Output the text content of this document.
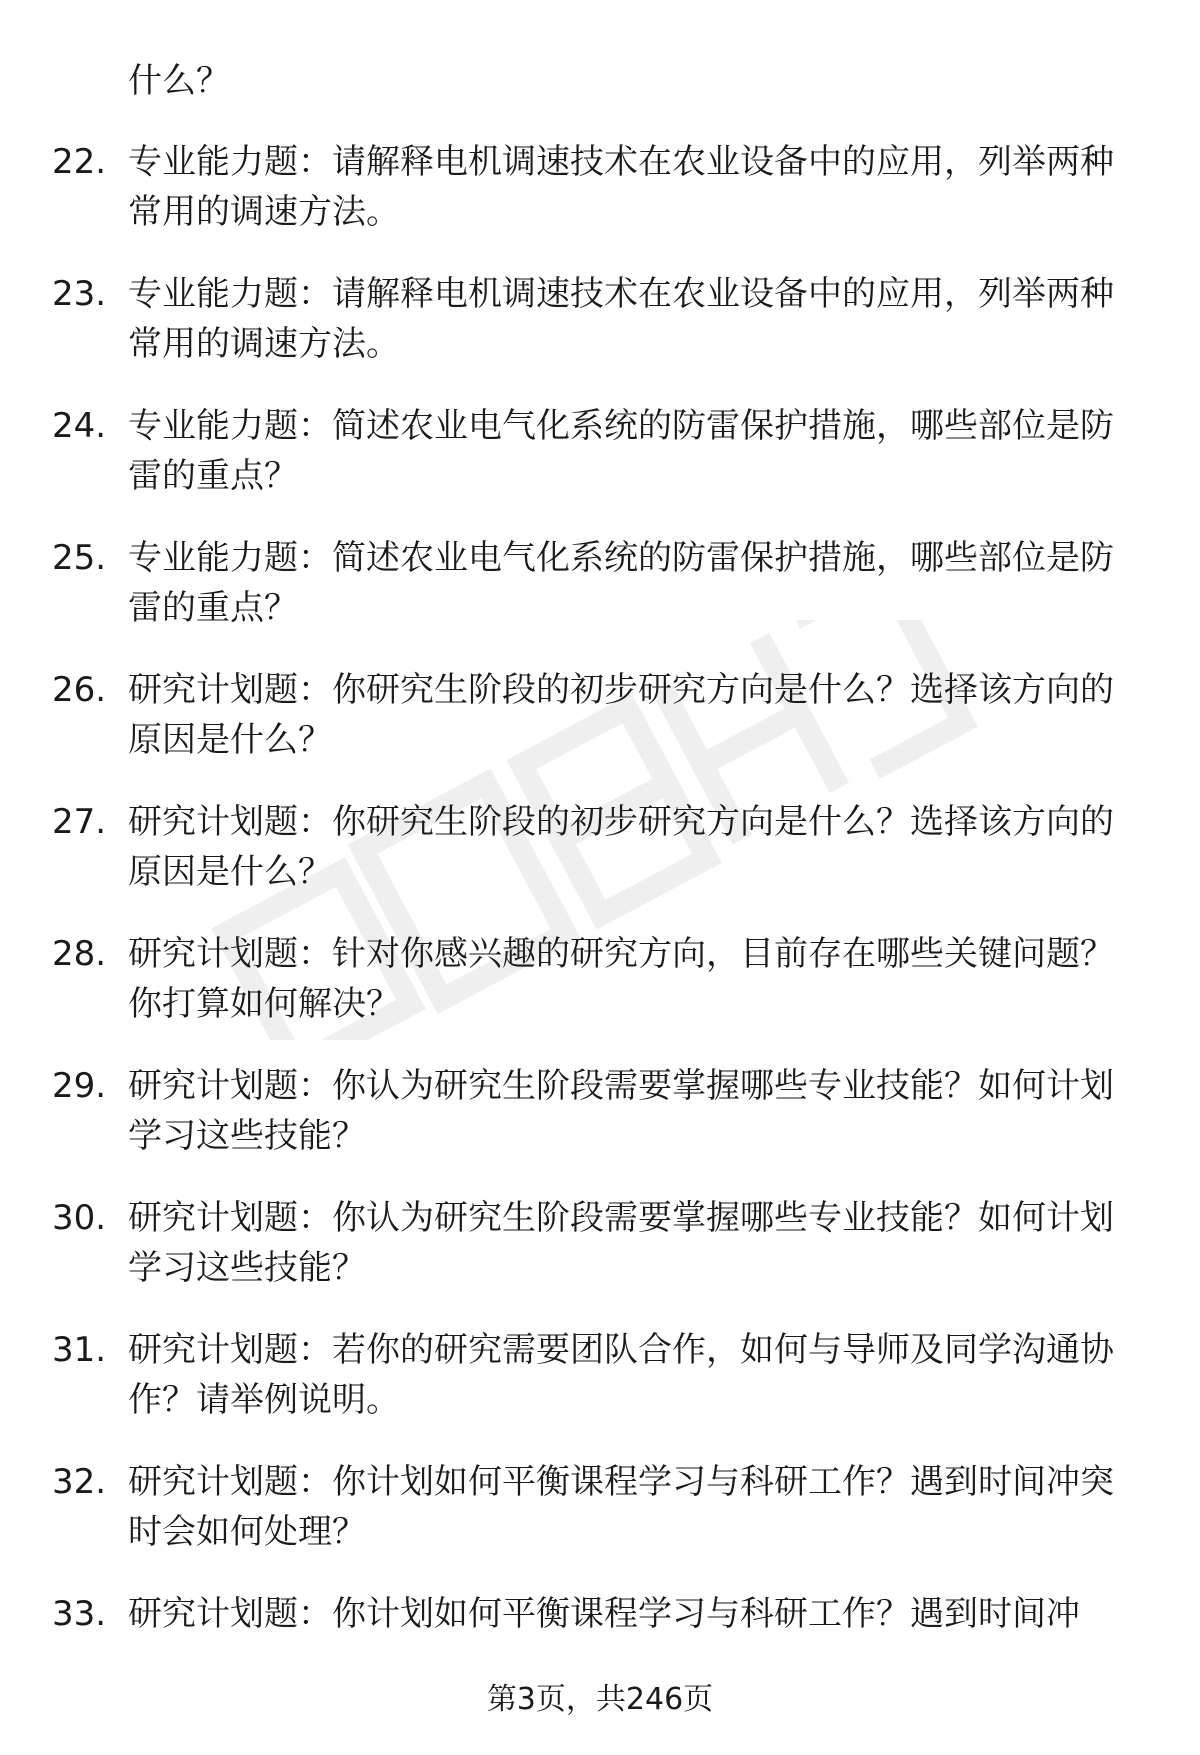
什么？
22. 专业能力题：请解释电机调速技术在农业设备中的应用，列举两种常用的调速方法。
23. 专业能力题：请解释电机调速技术在农业设备中的应用，列举两种常用的调速方法。
24. 专业能力题：简述农业电气化系统的防雷保护措施，哪些部位是防雷的重点？
25. 专业能力题：简述农业电气化系统的防雷保护措施，哪些部位是防雷的重点？
26. 研究计划题：你研究生阶段的初步研究方向是什么？选择该方向的原因是什么？
27. 研究计划题：你研究生阶段的初步研究方向是什么？选择该方向的原因是什么？
28. 研究计划题：针对你感兴趣的研究方向，目前存在哪些关键问题？你打算如何解决？
29. 研究计划题：你认为研究生阶段需要掌握哪些专业技能？如何计划学习这些技能？
30. 研究计划题：你认为研究生阶段需要掌握哪些专业技能？如何计划学习这些技能？
31. 研究计划题：若你的研究需要团队合作，如何与导师及同学沟通协作？请举例说明。
32. 研究计划题：你计划如何平衡课程学习与科研工作？遇到时间冲突时会如何处理？
33. 研究计划题：你计划如何平衡课程学习与科研工作？遇到时间冲
第3页，共246页
